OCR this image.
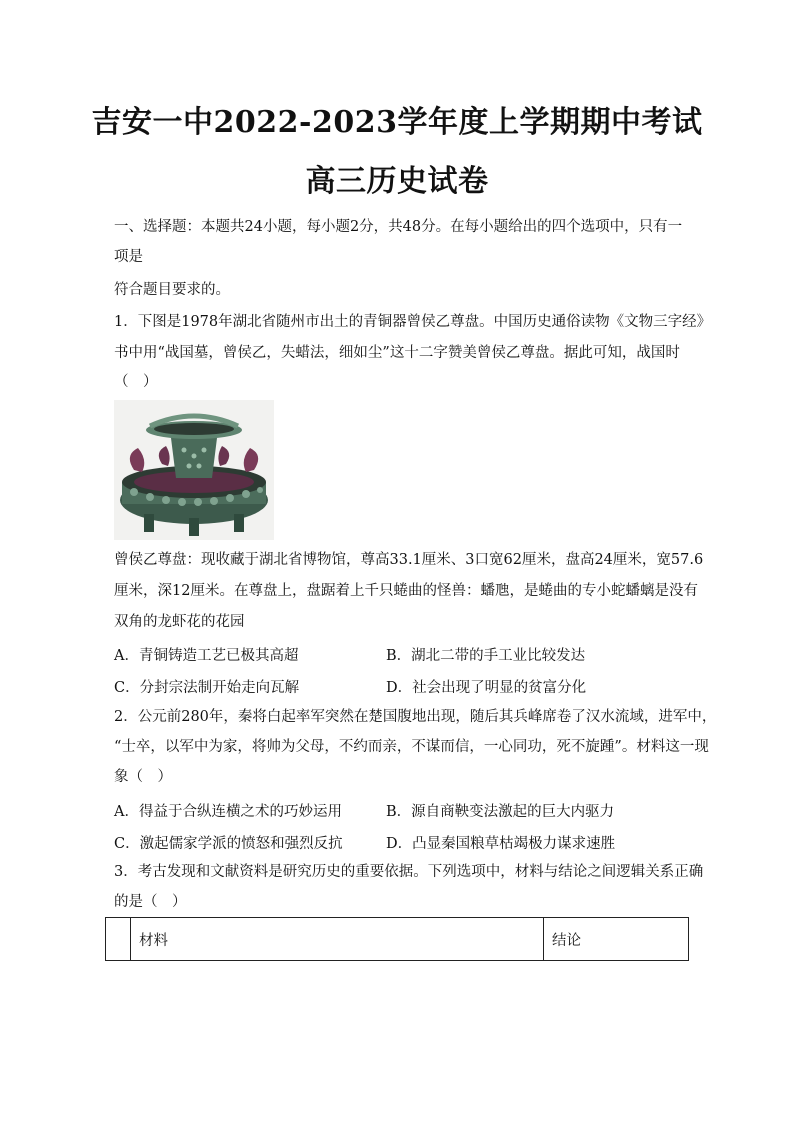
吉安一中2022-2023学年度上学期期中考试
高三历史试卷
一、选择题：本题共24小题，每小题2分，共48分。在每小题给出的四个选项中，只有一
项是
符合题目要求的。
1．下图是1978年湖北省随州市出土的青铜器曾侯乙尊盘。中国历史通俗读物《文物三字经》
书中用“战国墓，曾侯乙，失蜡法，细如尘”这十二字赞美曾侯乙尊盘。据此可知，战国时
（　）
曾侯乙尊盘：现收藏于湖北省博物馆，尊高33.1厘米、3口宽62厘米，盘高24厘米，宽57.6
厘米，深12厘米。在尊盘上，盘踞着上千只蜷曲的怪兽：蟠虺，是蜷曲的专小蛇蟠螭是没有
双角的龙虾花的花园
A．青铜铸造工艺已极其高超	B．湖北二带的手工业比较发达
C．分封宗法制开始走向瓦解	D．社会出现了明显的贫富分化
2．公元前280年，秦将白起率军突然在楚国腹地出现，随后其兵峰席卷了汉水流域，进军中，
“士卒，以军中为家，将帅为父母，不约而亲，不谋而信，一心同功，死不旋踵”。材料这一现
象（　）
A．得益于合纵连横之术的巧妙运用	B．源自商鞅变法激起的巨大内驱力
C．激起儒家学派的愤怒和强烈反抗	D．凸显秦国粮草枯竭极力谋求速胜
3．考古发现和文献资料是研究历史的重要依据。下列选项中，材料与结论之间逻辑关系正确
的是（　）
	材料	结论
